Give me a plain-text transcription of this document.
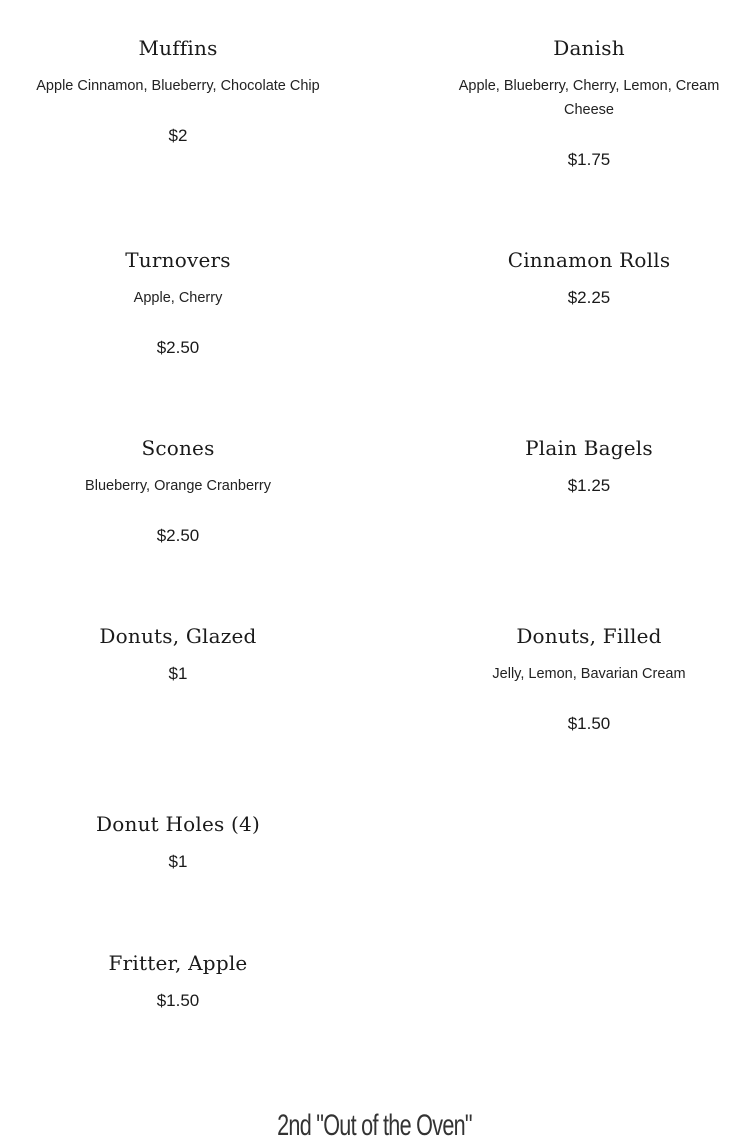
Muffins
Apple Cinnamon, Blueberry, Chocolate Chip
$2
Danish
Apple, Blueberry, Cherry, Lemon, Cream Cheese
$1.75
Turnovers
Apple, Cherry
$2.50
Cinnamon Rolls
$2.25
Scones
Blueberry, Orange Cranberry
$2.50
Plain Bagels
$1.25
Donuts, Glazed
$1
Donuts, Filled
Jelly, Lemon, Bavarian Cream
$1.50
Donut Holes (4)
$1
Fritter, Apple
$1.50
2nd "Out of the Oven"
